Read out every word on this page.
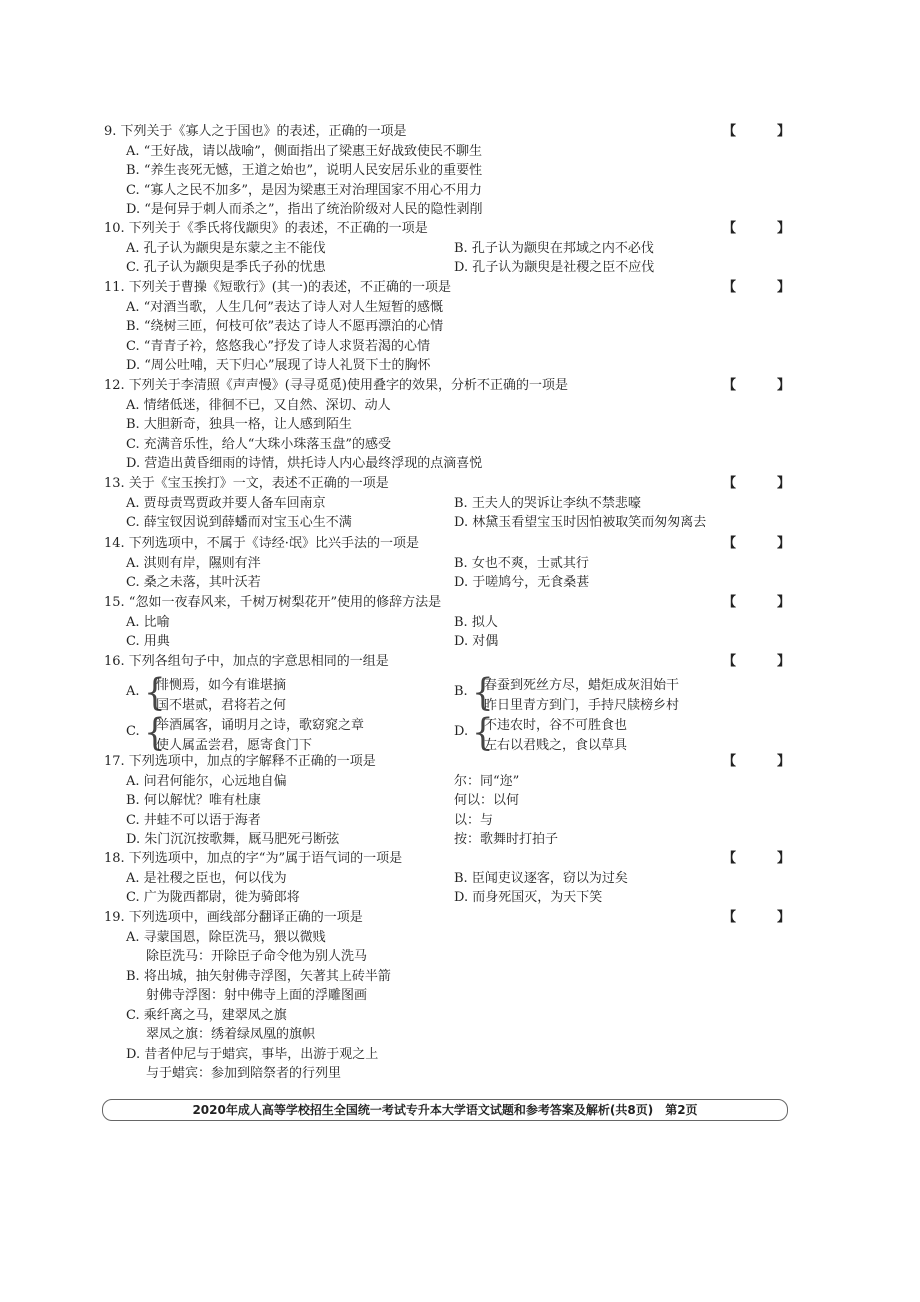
9. 下列关于《寡人之于国也》的表述，正确的一项是	【　】
A. “王好战，请以战喻”，侧面指出了梁惠王好战致使民不聊生
B. “养生丧死无憾，王道之始也”，说明人民安居乐业的重要性
C. “寡人之民不加多”，是因为梁惠王对治理国家不用心不用力
D. “是何异于刺人而杀之”，指出了统治阶级对人民的隐性剥削
10. 下列关于《季氏将伐颛臾》的表述，不正确的一项是	【　】
A. 孔子认为颛臾是东蒙之主不能伐	B. 孔子认为颛臾在邦域之内不必伐
C. 孔子认为颛臾是季氏子孙的忧患	D. 孔子认为颛臾是社稷之臣不应伐
11. 下列关于曹操《短歌行》(其一)的表述，不正确的一项是	【　】
A. “对酒当歌，人生几何”表达了诗人对人生短暂的感慨
B. “绕树三匝，何枝可依”表达了诗人不愿再漂泊的心情
C. “青青子衿，悠悠我心”抒发了诗人求贤若渴的心情
D. “周公吐哺，天下归心”展现了诗人礼贤下士的胸怀
12. 下列关于李清照《声声慢》(寻寻觅觅)使用叠字的效果，分析不正确的一项是	【　】
A. 情绪低迷，徘徊不已，又自然、深切、动人
B. 大胆新奇，独具一格，让人感到陌生
C. 充满音乐性，给人“大珠小珠落玉盘”的感受
D. 营造出黄昏细雨的诗情，烘托诗人内心最终浮现的点滴喜悦
13. 关于《宝玉挨打》一文，表述不正确的一项是	【　】
A. 贾母责骂贾政并要人备车回南京	B. 王夫人的哭诉让李纨不禁悲嚎
C. 薛宝钗因说到薛蟠而对宝玉心生不满	D. 林黛玉看望宝玉时因怕被取笑而匆匆离去
14. 下列选项中，不属于《诗经·氓》比兴手法的一项是	【　】
A. 淇则有岸，隰则有泮	B. 女也不爽，士贰其行
C. 桑之未落，其叶沃若	D. 于嗟鸠兮，无食桑葚
15. “忽如一夜春风来，千树万树梨花开”使用的修辞方法是	【　】
A. 比喻	B. 拟人
C. 用典	D. 对偶
16. 下列各组句子中，加点的字意思相同的一组是	【　】
A. {
悱恻焉，如今有谁堪摘
国不堪贰，君将若之何
B. {
春蚕到死丝方尽，蜡炬成灰泪始干
昨日里青方到门，手持尺牍榜乡村
C. {
举酒属客，诵明月之诗，歌窈窕之章
使人属孟尝君，愿寄食门下
D. {
不违农时，谷不可胜食也
左右以君贱之，食以草具
17. 下列选项中，加点的字解释不正确的一项是	【　】
A. 问君何能尔，心远地自偏	尔：同“迩”
B. 何以解忧？唯有杜康	何以：以何
C. 井蛙不可以语于海者	以：与
D. 朱门沉沉按歌舞，厩马肥死弓断弦	按：歌舞时打拍子
18. 下列选项中，加点的字“为”属于语气词的一项是	【　】
A. 是社稷之臣也，何以伐为	B. 臣闻吏议逐客，窃以为过矣
C. 广为陇西都尉，徙为骑郎将	D. 而身死国灭，为天下笑
19. 下列选项中，画线部分翻译正确的一项是	【　】
A. 寻蒙国恩，除臣洗马，猥以微贱
除臣洗马：开除臣子命令他为别人洗马
B. 将出城，抽矢射佛寺浮图，矢著其上砖半箭
射佛寺浮图：射中佛寺上面的浮雕图画
C. 乘纤离之马，建翠凤之旗
翠凤之旗：绣着绿凤凰的旗帜
D. 昔者仲尼与于蜡宾，事毕，出游于观之上
与于蜡宾：参加到陪祭者的行列里
2020年成人高等学校招生全国统一考试专升本大学语文试题和参考答案及解析(共8页) 第2页
